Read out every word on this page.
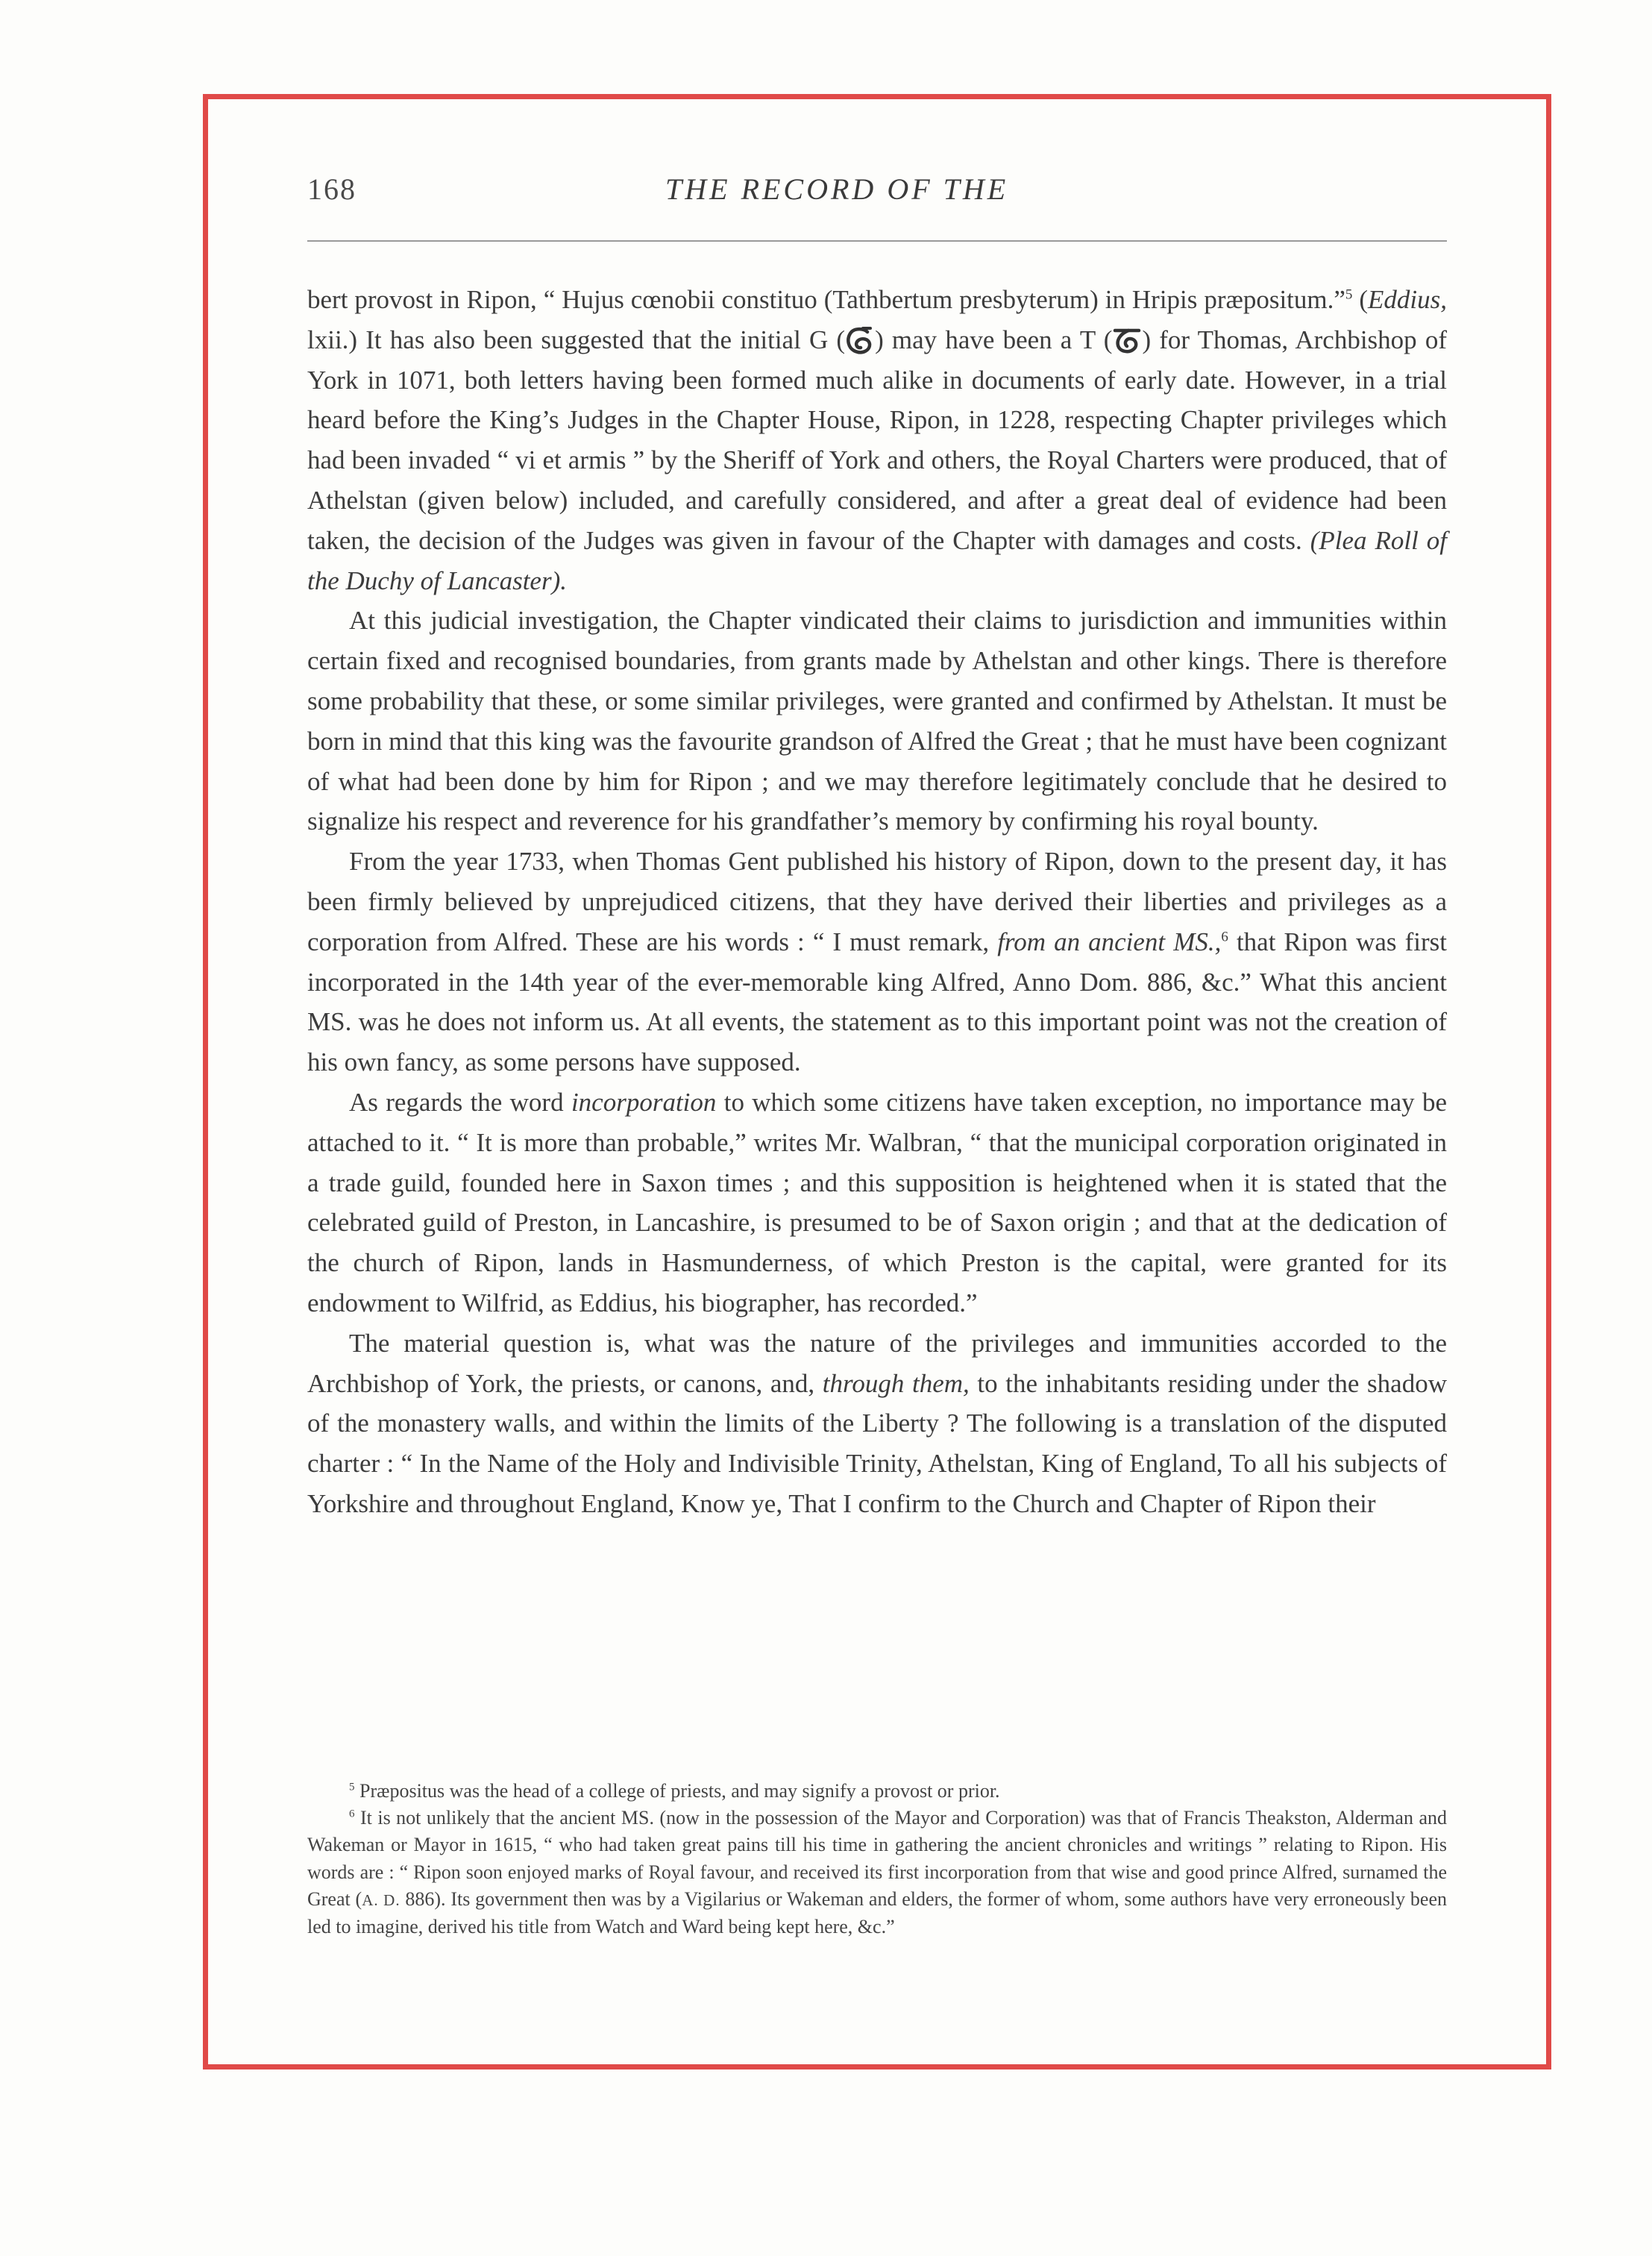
168	THE RECORD OF THE

bert provost in Ripon, “ Hujus cœnobii constituo (Tathbertum presbyterum) in Hripis præpositum.”$^5$ (Eddius, lxii.) It has also been suggested that the initial G ( ) may have been a T ( ) for Thomas, Archbishop of York in 1071, both letters having been formed much alike in documents of early date. However, in a trial heard before the King’s Judges in the Chapter House, Ripon, in 1228, respecting Chapter privileges which had been invaded “ vi et armis ” by the Sheriff of York and others, the Royal Charters were produced, that of Athelstan (given below) included, and carefully considered, and after a great deal of evidence had been taken, the decision of the Judges was given in favour of the Chapter with damages and costs. (Plea Roll of the Duchy of Lancaster).

At this judicial investigation, the Chapter vindicated their claims to jurisdiction and immunities within certain fixed and recognised boundaries, from grants made by Athelstan and other kings. There is therefore some probability that these, or some similar privileges, were granted and confirmed by Athelstan. It must be born in mind that this king was the favourite grandson of Alfred the Great ; that he must have been cognizant of what had been done by him for Ripon ; and we may therefore legitimately conclude that he desired to signalize his respect and reverence for his grandfather’s memory by confirming his royal bounty.

From the year 1733, when Thomas Gent published his history of Ripon, down to the present day, it has been firmly believed by unprejudiced citizens, that they have derived their liberties and privileges as a corporation from Alfred. These are his words : “ I must remark, from an ancient MS.,$^6$ that Ripon was first incorporated in the 14th year of the ever-memorable king Alfred, Anno Dom. 886, &c.” What this ancient MS. was he does not inform us. At all events, the statement as to this important point was not the creation of his own fancy, as some persons have supposed.

As regards the word incorporation to which some citizens have taken exception, no importance may be attached to it. “ It is more than probable,” writes Mr. Walbran, “ that the municipal corporation originated in a trade guild, founded here in Saxon times ; and this supposition is heightened when it is stated that the celebrated guild of Preston, in Lancashire, is presumed to be of Saxon origin ; and that at the dedication of the church of Ripon, lands in Hasmunderness, of which Preston is the capital, were granted for its endowment to Wilfrid, as Eddius, his biographer, has recorded.”

The material question is, what was the nature of the privileges and immunities accorded to the Archbishop of York, the priests, or canons, and, through them, to the inhabitants residing under the shadow of the monastery walls, and within the limits of the Liberty ? The following is a translation of the disputed charter : “ In the Name of the Holy and Indivisible Trinity, Athelstan, King of England, To all his subjects of Yorkshire and throughout England, Know ye, That I confirm to the Church and Chapter of Ripon their

$^5$ Præpositus was the head of a college of priests, and may signify a provost or prior.

$^6$ It is not unlikely that the ancient MS. (now in the possession of the Mayor and Corporation) was that of Francis Theakston, Alderman and Wakeman or Mayor in 1615, “ who had taken great pains till his time in gathering the ancient chronicles and writings ” relating to Ripon. His words are : “ Ripon soon enjoyed marks of Royal favour, and received its first incorporation from that wise and good prince Alfred, surnamed the Great (A. D. 886). Its government then was by a Vigilarius or Wakeman and elders, the former of whom, some authors have very erroneously been led to imagine, derived his title from Watch and Ward being kept here, &c.”
